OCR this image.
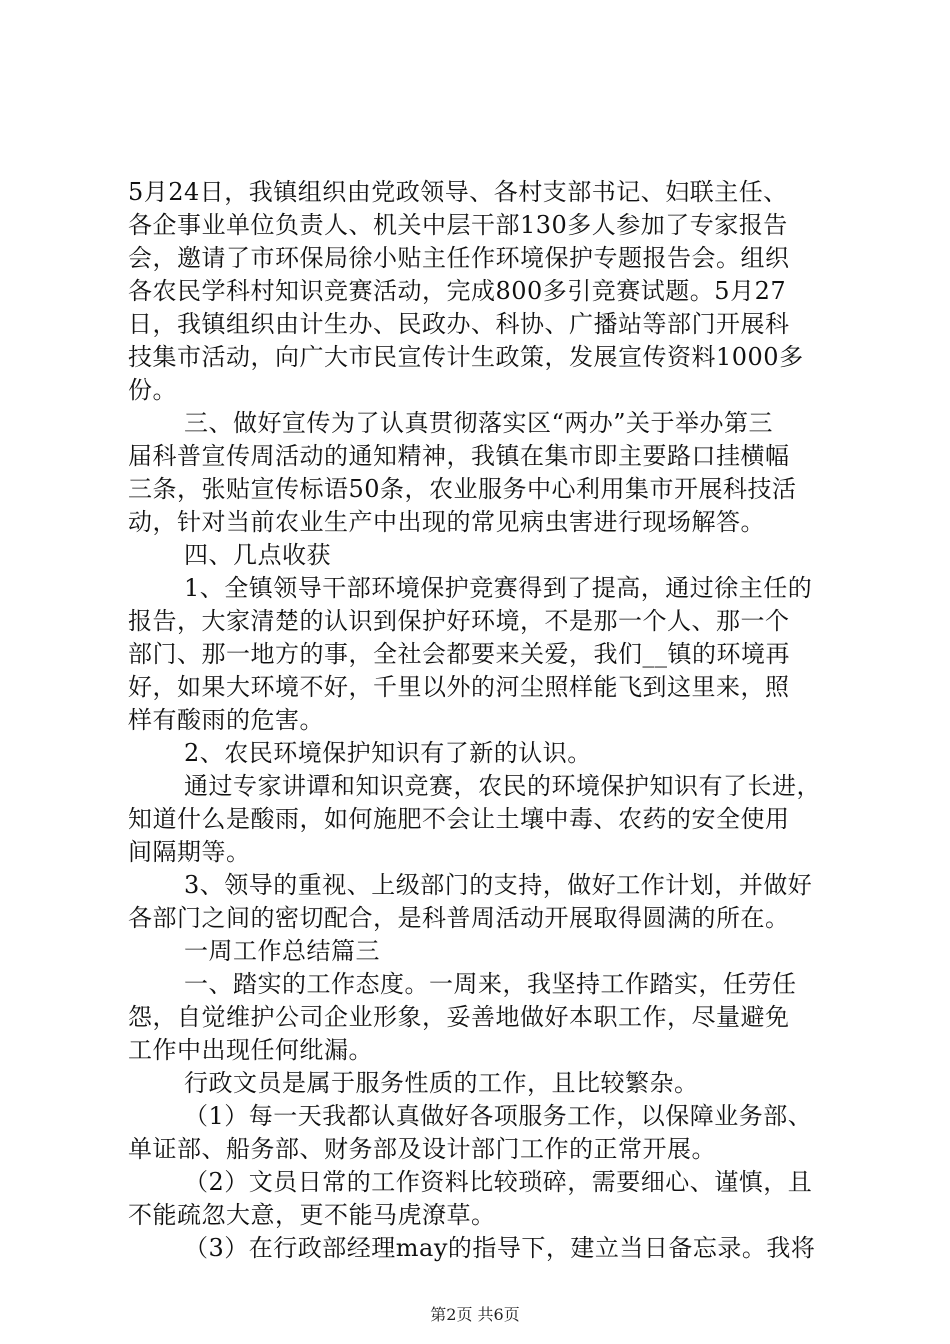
5月24日，我镇组织由党政领导、各村支部书记、妇联主任、
各企事业单位负责人、机关中层干部130多人参加了专家报告
会，邀请了市环保局徐小贴主任作环境保护专题报告会。组织
各农民学科村知识竞赛活动，完成800多引竞赛试题。5月27
日，我镇组织由计生办、民政办、科协、广播站等部门开展科
技集市活动，向广大市民宣传计生政策，发展宣传资料1000多
份。
三、做好宣传为了认真贯彻落实区“两办”关于举办第三
届科普宣传周活动的通知精神，我镇在集市即主要路口挂横幅
三条，张贴宣传标语50条，农业服务中心利用集市开展科技活
动，针对当前农业生产中出现的常见病虫害进行现场解答。
四、几点收获
1、全镇领导干部环境保护竞赛得到了提高，通过徐主任的
报告，大家清楚的认识到保护好环境，不是那一个人、那一个
部门、那一地方的事，全社会都要来关爱，我们__镇的环境再
好，如果大环境不好，千里以外的河尘照样能飞到这里来，照
样有酸雨的危害。
2、农民环境保护知识有了新的认识。
通过专家讲谭和知识竞赛，农民的环境保护知识有了长进，
知道什么是酸雨，如何施肥不会让土壤中毒、农药的安全使用
间隔期等。
3、领导的重视、上级部门的支持，做好工作计划，并做好
各部门之间的密切配合，是科普周活动开展取得圆满的所在。
一周工作总结篇三
一、踏实的工作态度。一周来，我坚持工作踏实，任劳任
怨，自觉维护公司企业形象，妥善地做好本职工作，尽量避免
工作中出现任何纰漏。
行政文员是属于服务性质的工作，且比较繁杂。
（1）每一天我都认真做好各项服务工作，以保障业务部、
单证部、船务部、财务部及设计部门工作的正常开展。
（2）文员日常的工作资料比较琐碎，需要细心、谨慎，且
不能疏忽大意，更不能马虎潦草。
（3）在行政部经理may的指导下，建立当日备忘录。我将
第2页 共6页
